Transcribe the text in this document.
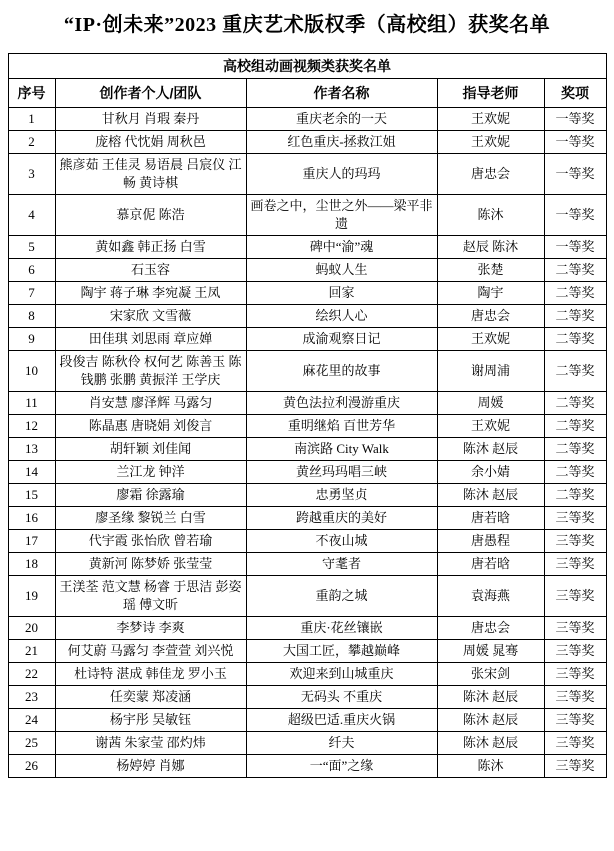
“IP·创未来”2023 重庆艺术版权季（高校组）获奖名单
高校组动画视频类获奖名单				
序号	创作者个人/团队	作者名称	指导老师	奖项
1	甘秋月 肖瑕 秦丹	重庆老余的一天	王欢妮	一等奖
2	庞榕 代忱娟 周秋邑	红色重庆-拯救江姐	王欢妮	一等奖
3	熊彦茹 王佳灵 易语晨 吕宸仪 江畅 黄诗棋	重庆人的玛玛	唐忠会	一等奖
4	慕京伲 陈浩	画卷之中，尘世之外——梁平非遗	陈沐	一等奖
5	黄如鑫 韩正扬 白雪	碑中“渝”魂	赵辰 陈沐	一等奖
6	石玉容	蚂蚁人生	张楚	二等奖
7	陶宇 蒋子琳 李宛凝 王凤	回家	陶宇	二等奖
8	宋家欣 文雪薇	绘织人心	唐忠会	二等奖
9	田佳琪 刘思雨 章应婵	成渝观察日记	王欢妮	二等奖
10	段俊吉 陈秋伶 权何艺 陈善玉 陈钱鹏 张鹏 黄振洋 王学庆	麻花里的故事	谢周浦	二等奖
11	肖安慧 廖泽辉 马露匀	黄色法拉利漫游重庆	周媛	二等奖
12	陈晶惠 唐晓娟 刘俊言	重明继焰 百世芳华	王欢妮	二等奖
13	胡轩颖 刘佳闻	南滨路 City Walk	陈沐 赵辰	二等奖
14	兰江龙 钟洋	黄丝玛玛唱三峡	余小婧	二等奖
15	廖霜 徐露瑜	忠勇坚贞	陈沐 赵辰	二等奖
16	廖圣缘 黎锐兰 白雪	跨越重庆的美好	唐若晗	三等奖
17	代宇霞 张怡欣 曾若瑜	不夜山城	唐愚程	三等奖
18	黄新河 陈梦娇 张莹莹	守耄者	唐若晗	三等奖
19	王渼荃 范文慧 杨睿 于思洁 彭姿瑶 傅文昕	重韵之城	袁海燕	三等奖
20	李梦诗 李爽	重庆·花丝镶嵌	唐忠会	三等奖
21	何艾蔚 马露匀 李萱萱 刘兴悦	大国工匠，攀越巅峰	周媛 晁骞	三等奖
22	杜诗特 湛成 韩佳龙 罗小玉	欢迎来到山城重庆	张宋剑	三等奖
23	任奕蒙 郑凌涵	无码头 不重庆	陈沐 赵辰	三等奖
24	杨宇彤 吴敏钰	超级巴适.重庆火锅	陈沐 赵辰	三等奖
25	谢茜 朱家莹 邵灼炜	纤夫	陈沐 赵辰	三等奖
26	杨婷婷 肖娜	一“面”之缘	陈沐	三等奖
